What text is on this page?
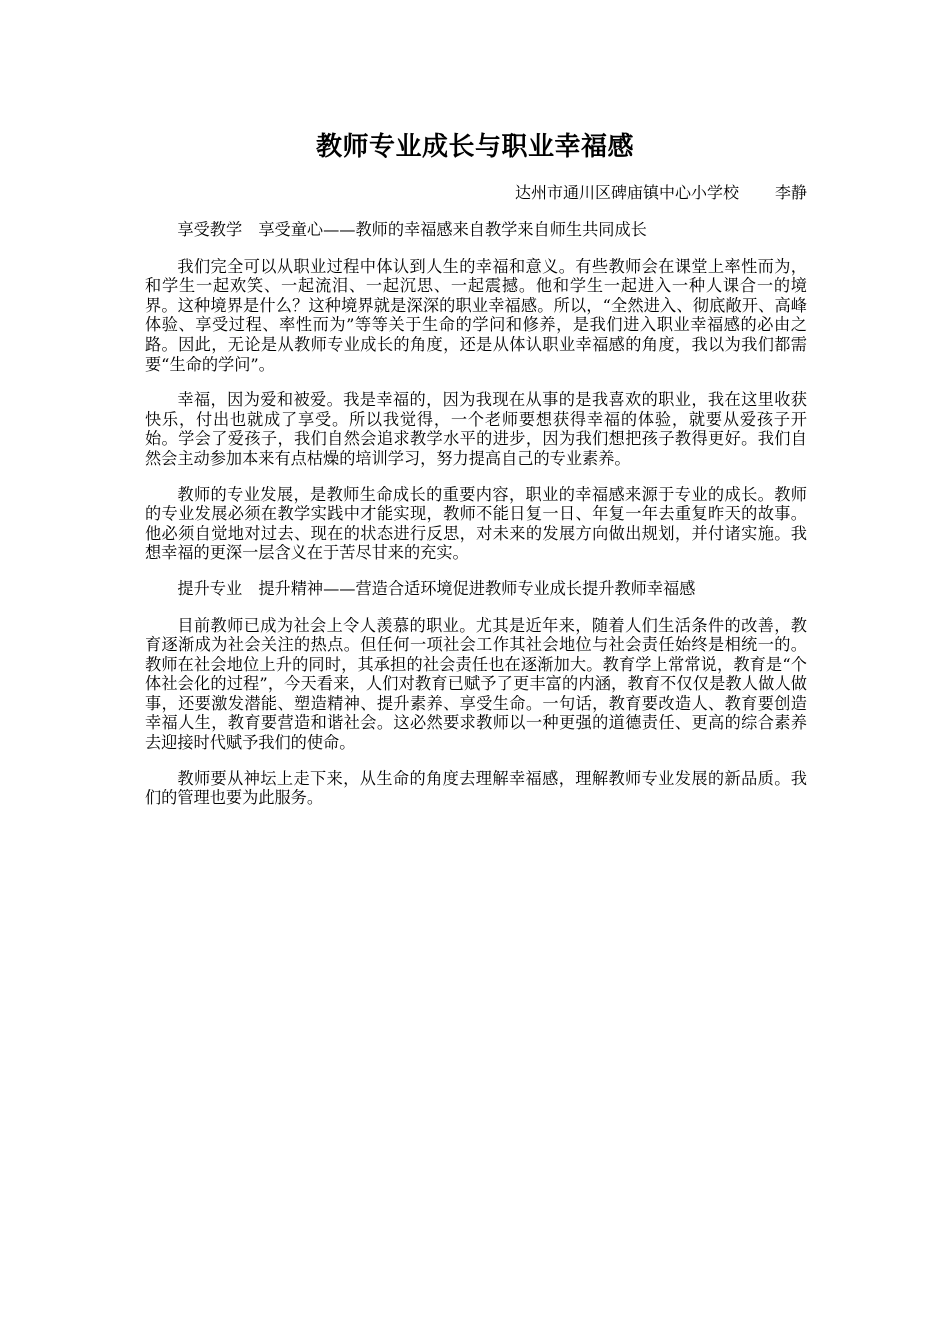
教师专业成长与职业幸福感
达州市通川区碑庙镇中心小学校 李静

享受教学　享受童心——教师的幸福感来自教学来自师生共同成长

我们完全可以从职业过程中体认到人生的幸福和意义。有些教师会在课堂上率性而为，和学生一起欢笑、一起流泪、一起沉思、一起震撼。他和学生一起进入一种人课合一的境界。这种境界是什么？这种境界就是深深的职业幸福感。所以，“全然进入、彻底敞开、高峰体验、享受过程、率性而为”等等关于生命的学问和修养，是我们进入职业幸福感的必由之路。因此，无论是从教师专业成长的角度，还是从体认职业幸福感的角度，我以为我们都需要“生命的学问”。

幸福，因为爱和被爱。我是幸福的，因为我现在从事的是我喜欢的职业，我在这里收获快乐，付出也就成了享受。所以我觉得，一个老师要想获得幸福的体验，就要从爱孩子开始。学会了爱孩子，我们自然会追求教学水平的进步，因为我们想把孩子教得更好。我们自然会主动参加本来有点枯燥的培训学习，努力提高自己的专业素养。

教师的专业发展，是教师生命成长的重要内容，职业的幸福感来源于专业的成长。教师的专业发展必须在教学实践中才能实现，教师不能日复一日、年复一年去重复昨天的故事。他必须自觉地对过去、现在的状态进行反思，对未来的发展方向做出规划，并付诸实施。我想幸福的更深一层含义在于苦尽甘来的充实。

提升专业　提升精神——营造合适环境促进教师专业成长提升教师幸福感

目前教师已成为社会上令人羡慕的职业。尤其是近年来，随着人们生活条件的改善，教育逐渐成为社会关注的热点。但任何一项社会工作其社会地位与社会责任始终是相统一的。教师在社会地位上升的同时，其承担的社会责任也在逐渐加大。教育学上常常说，教育是“个体社会化的过程”，今天看来，人们对教育已赋予了更丰富的内涵，教育不仅仅是教人做人做事，还要激发潜能、塑造精神、提升素养、享受生命。一句话，教育要改造人、教育要创造幸福人生，教育要营造和谐社会。这必然要求教师以一种更强的道德责任、更高的综合素养去迎接时代赋予我们的使命。

教师要从神坛上走下来，从生命的角度去理解幸福感，理解教师专业发展的新品质。我们的管理也要为此服务。
